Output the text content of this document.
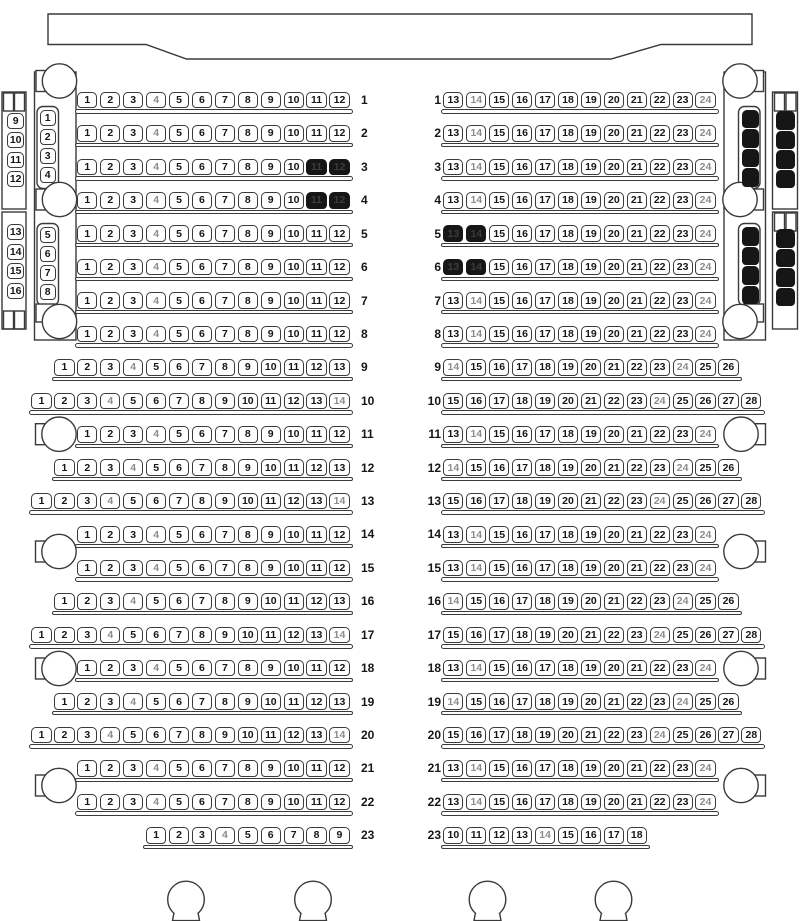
1	2	3	4	5	6	7	8	9	10	11	12	1	13	14	15	16	17	18	19	20	21	22	23	24
1
1	2	3	4	5	6	7	8	9	10	11	12	2	13	14	15	16	17	18	19	20	21	22	23	24
2
1	2	3	4	5	6	7	8	9	10	11	12	3	13	14	15	16	17	18	19	20	21	22	23	24
3
1	2	3	4	5	6	7	8	9	10	11	12	4	13	14	15	16	17	18	19	20	21	22	23	24
4
1	2	3	4	5	6	7	8	9	10	11	12	5	13	14	15	16	17	18	19	20	21	22	23	24
5
1	2	3	4	5	6	7	8	9	10	11	12	6	13	14	15	16	17	18	19	20	21	22	23	24
6
1	2	3	4	5	6	7	8	9	10	11	12	7	13	14	15	16	17	18	19	20	21	22	23	24
7
1	2	3	4	5	6	7	8	9	10	11	12	8	13	14	15	16	17	18	19	20	21	22	23	24
8
1	2	3	4	5	6	7	8	9	10	11	12	13	9	14	15	16	17	18	19	20	21	22	23	24	25	26
9
1	2	3	4	5	6	7	8	9	10	11	12	13	14	10	15	16	17	18	19	20	21	22	23	24	25	26	27	28
10
1	2	3	4	5	6	7	8	9	10	11	12	11	13	14	15	16	17	18	19	20	21	22	23	24
11
1	2	3	4	5	6	7	8	9	10	11	12	13	12	14	15	16	17	18	19	20	21	22	23	24	25	26
12
1	2	3	4	5	6	7	8	9	10	11	12	13	14	13	15	16	17	18	19	20	21	22	23	24	25	26	27	28
13
1	2	3	4	5	6	7	8	9	10	11	12	14	13	14	15	16	17	18	19	20	21	22	23	24
14
1	2	3	4	5	6	7	8	9	10	11	12	15	13	14	15	16	17	18	19	20	21	22	23	24
15
1	2	3	4	5	6	7	8	9	10	11	12	13	16	14	15	16	17	18	19	20	21	22	23	24	25	26
16
1	2	3	4	5	6	7	8	9	10	11	12	13	14	17	15	16	17	18	19	20	21	22	23	24	25	26	27	28
17
1	2	3	4	5	6	7	8	9	10	11	12	18	13	14	15	16	17	18	19	20	21	22	23	24
18
1	2	3	4	5	6	7	8	9	10	11	12	13	19	14	15	16	17	18	19	20	21	22	23	24	25	26
19
1	2	3	4	5	6	7	8	9	10	11	12	13	14	20	15	16	17	18	19	20	21	22	23	24	25	26	27	28
20
1	2	3	4	5	6	7	8	9	10	11	12	21	13	14	15	16	17	18	19	20	21	22	23	24
21
1	2	3	4	5	6	7	8	9	10	11	12	22	13	14	15	16	17	18	19	20	21	22	23	24
22
1	2	3	4	5	6	7	8	9	23	10	11	12	13	14	15	16	17	18
23
9
10
11
12
13
14
15
16
1
2
3
4
5
6
7
8
